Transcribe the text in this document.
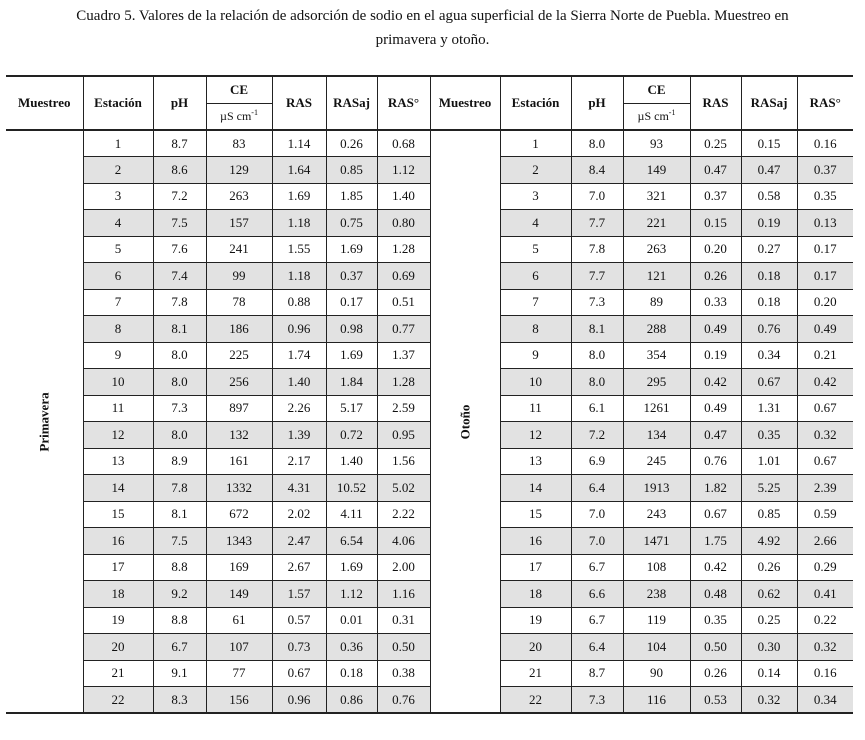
Cuadro 5. Valores de la relación de adsorción de sodio en el agua superficial de la Sierra Norte de Puebla. Muestreo en
primavera y otoño.
Muestreo	Estación	pH	CE	RAS	RASaj	RAS°	Muestreo	Estación	pH	CE	RAS	RASaj	RAS°
			µS $cm^{-1}$							µS $cm^{-1}$
Primavera	1	8.7	83	1.14	0.26	0.68	Otoño	1	8.0	93	0.25	0.15	0.16
	2	8.6	129	1.64	0.85	1.12		2	8.4	149	0.47	0.47	0.37
	3	7.2	263	1.69	1.85	1.40		3	7.0	321	0.37	0.58	0.35
	4	7.5	157	1.18	0.75	0.80		4	7.7	221	0.15	0.19	0.13
	5	7.6	241	1.55	1.69	1.28		5	7.8	263	0.20	0.27	0.17
	6	7.4	99	1.18	0.37	0.69		6	7.7	121	0.26	0.18	0.17
	7	7.8	78	0.88	0.17	0.51		7	7.3	89	0.33	0.18	0.20
	8	8.1	186	0.96	0.98	0.77		8	8.1	288	0.49	0.76	0.49
	9	8.0	225	1.74	1.69	1.37		9	8.0	354	0.19	0.34	0.21
	10	8.0	256	1.40	1.84	1.28		10	8.0	295	0.42	0.67	0.42
	11	7.3	897	2.26	5.17	2.59		11	6.1	1261	0.49	1.31	0.67
	12	8.0	132	1.39	0.72	0.95		12	7.2	134	0.47	0.35	0.32
	13	8.9	161	2.17	1.40	1.56		13	6.9	245	0.76	1.01	0.67
	14	7.8	1332	4.31	10.52	5.02		14	6.4	1913	1.82	5.25	2.39
	15	8.1	672	2.02	4.11	2.22		15	7.0	243	0.67	0.85	0.59
	16	7.5	1343	2.47	6.54	4.06		16	7.0	1471	1.75	4.92	2.66
	17	8.8	169	2.67	1.69	2.00		17	6.7	108	0.42	0.26	0.29
	18	9.2	149	1.57	1.12	1.16		18	6.6	238	0.48	0.62	0.41
	19	8.8	61	0.57	0.01	0.31		19	6.7	119	0.35	0.25	0.22
	20	6.7	107	0.73	0.36	0.50		20	6.4	104	0.50	0.30	0.32
	21	9.1	77	0.67	0.18	0.38		21	8.7	90	0.26	0.14	0.16
	22	8.3	156	0.96	0.86	0.76		22	7.3	116	0.53	0.32	0.34
